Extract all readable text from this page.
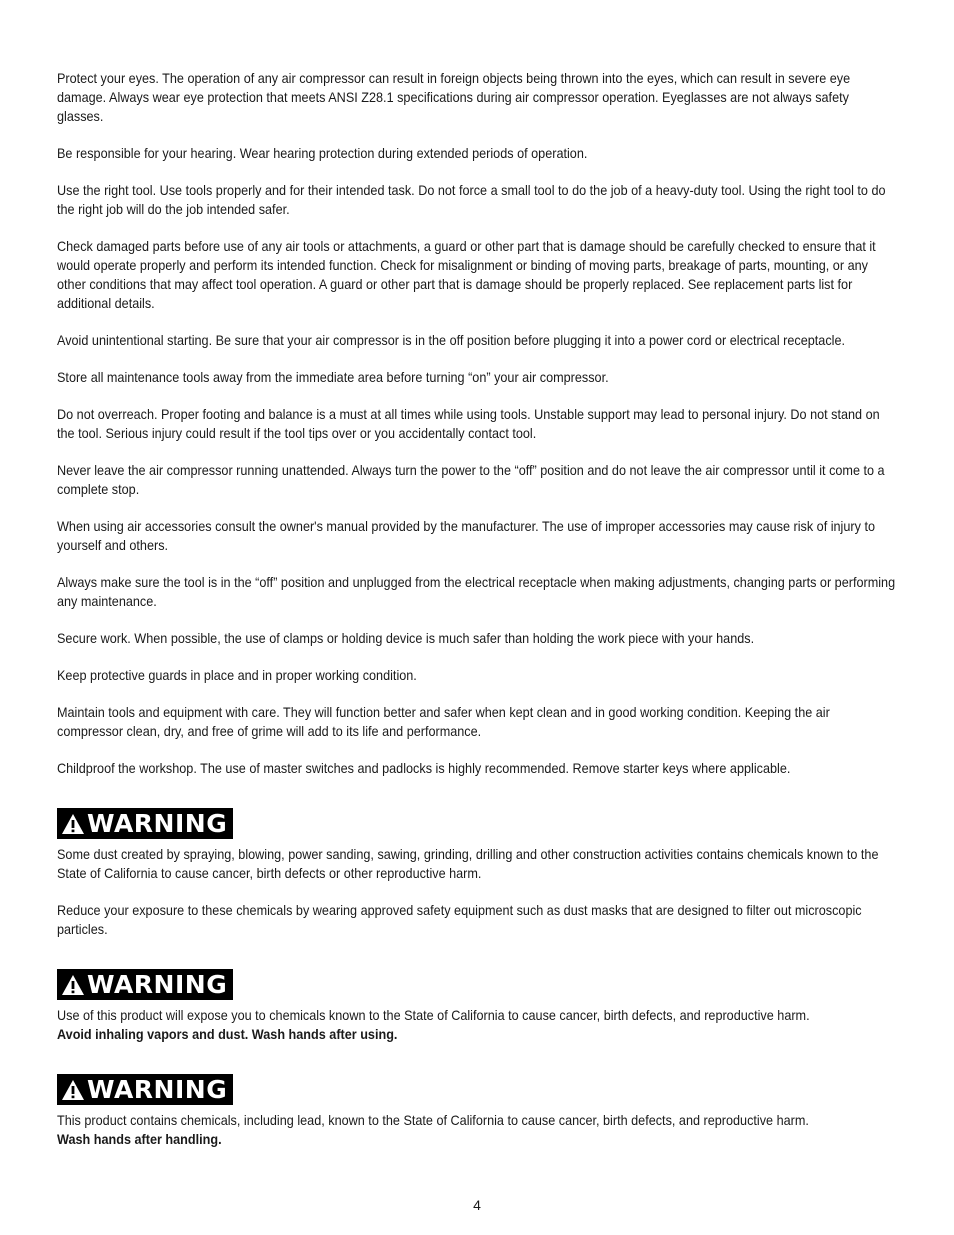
Protect your eyes. The operation of any air compressor can result in foreign objects being thrown into the eyes, which can result in severe eye damage. Always wear eye protection that meets ANSI Z28.1 specifications during air compressor operation. Eyeglasses are not always safety glasses.

Be responsible for your hearing. Wear hearing protection during extended periods of operation.

Use the right tool. Use tools properly and for their intended task. Do not force a small tool to do the job of a heavy-duty tool. Using the right tool to do the right job will do the job intended safer.

Check damaged parts before use of any air tools or attachments, a guard or other part that is damage should be carefully checked to ensure that it would operate properly and perform its intended function. Check for misalignment or binding of moving parts, breakage of parts, mounting, or any other conditions that may affect tool operation. A guard or other part that is damage should be properly replaced. See replacement parts list for additional details.

Avoid unintentional starting. Be sure that your air compressor is in the off position before plugging it into a power cord or electrical receptacle.

Store all maintenance tools away from the immediate area before turning “on” your air compressor.

Do not overreach. Proper footing and balance is a must at all times while using tools. Unstable support may lead to personal injury. Do not stand on the tool. Serious injury could result if the tool tips over or you accidentally contact tool.

Never leave the air compressor running unattended. Always turn the power to the “off” position and do not leave the air compressor until it come to a complete stop.

When using air accessories consult the owner's manual provided by the manufacturer. The use of improper accessories may cause risk of injury to yourself and others.

Always make sure the tool is in the “off” position and unplugged from the electrical receptacle when making adjustments, changing parts or performing any maintenance.

Secure work. When possible, the use of clamps or holding device is much safer than holding the work piece with your hands.

Keep protective guards in place and in proper working condition.

Maintain tools and equipment with care. They will function better and safer when kept clean and in good working condition. Keeping the air compressor clean, dry, and free of grime will add to its life and performance.

Childproof the workshop. The use of master switches and padlocks is highly recommended. Remove starter keys where applicable.

WARNING

Some dust created by spraying, blowing, power sanding, sawing, grinding, drilling and other construction activities contains chemicals known to the State of California to cause cancer, birth defects or other reproductive harm.

Reduce your exposure to these chemicals by wearing approved safety equipment such as dust masks that are designed to filter out microscopic particles.

WARNING

Use of this product will expose you to chemicals known to the State of California to cause cancer, birth defects, and reproductive harm.
Avoid inhaling vapors and dust. Wash hands after using.

WARNING

This product contains chemicals, including lead, known to the State of California to cause cancer, birth defects, and reproductive harm.
Wash hands after handling.

4
